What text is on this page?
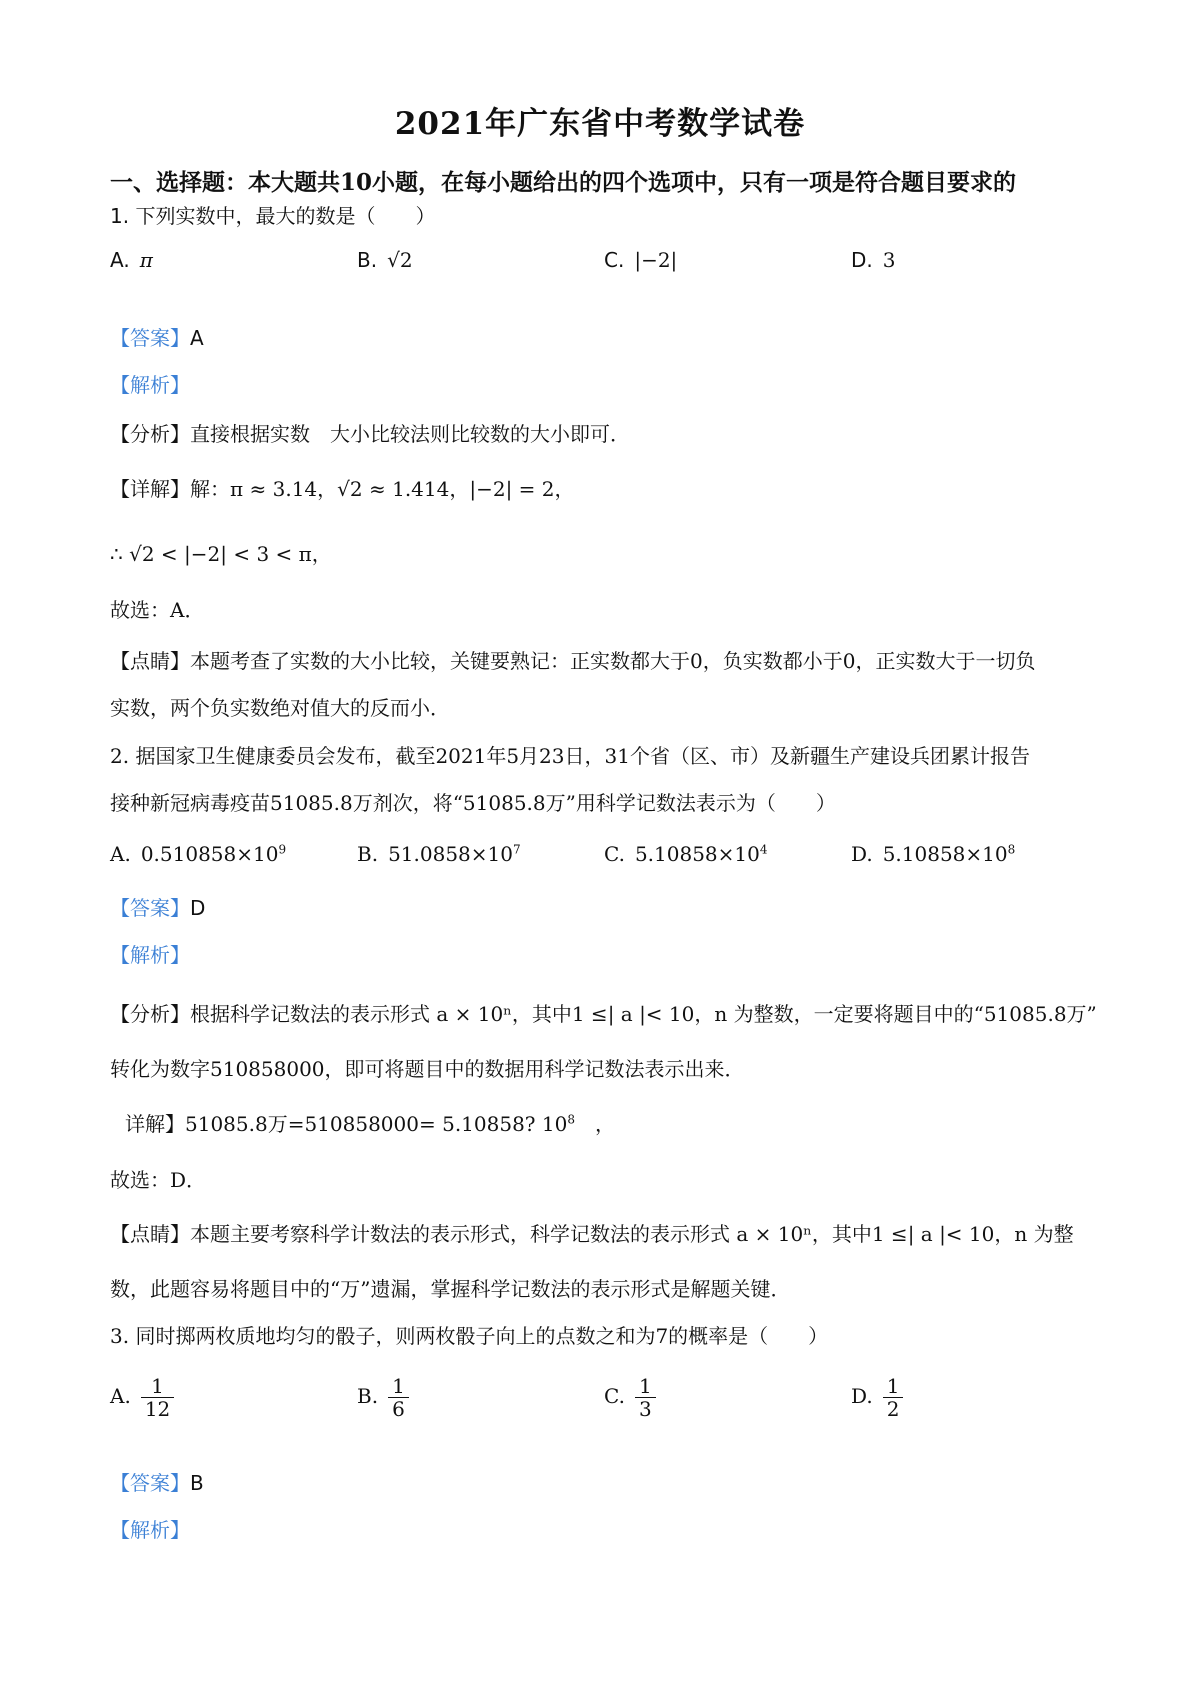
2021年广东省中考数学试卷
一、选择题：本大题共10小题，在每小题给出的四个选项中，只有一项是符合题目要求的
1. 下列实数中，最大的数是（　　）
A. π	B. √2	C. |−2|	D. 3
【答案】A
【解析】
【分析】直接根据实数　大小比较法则比较数的大小即可．
【详解】解：π ≈ 3.14，√2 ≈ 1.414，|−2| = 2，
∴ √2 < |−2| < 3 < π，
故选：A．
【点睛】本题考查了实数的大小比较，关键要熟记：正实数都大于0，负实数都小于0，正实数大于一切负
实数，两个负实数绝对值大的反而小．
2. 据国家卫生健康委员会发布，截至2021年5月23日，31个省（区、市）及新疆生产建设兵团累计报告
接种新冠病毒疫苗51085.8万剂次，将“51085.8万”用科学记数法表示为（　　）
A. $0.510858\times 10^9$	B. $51.0858\times 10^7$	C. $5.10858\times 10^4$	D. $5.10858\times 10^8$
【答案】D
【解析】
【分析】根据科学记数法的表示形式 a × 10ⁿ，其中1 ≤| a |< 10，n 为整数，一定要将题目中的“51085.8万”
转化为数字510858000，即可将题目中的数据用科学记数法表示出来．
详解】51085.8万=510858000= 5.10858? $10^8$　，
故选：D．
【点睛】本题主要考察科学计数法的表示形式，科学记数法的表示形式 a × 10ⁿ，其中1 ≤| a |< 10，n 为整
数，此题容易将题目中的“万”遗漏，掌握科学记数法的表示形式是解题关键．
3. 同时掷两枚质地均匀的骰子，则两枚骰子向上的点数之和为7的概率是（　　）
A. $\frac{1}{12}$	B. $\frac{1}{6}$	C. $\frac{1}{3}$	D. $\frac{1}{2}$
【答案】B
【解析】
